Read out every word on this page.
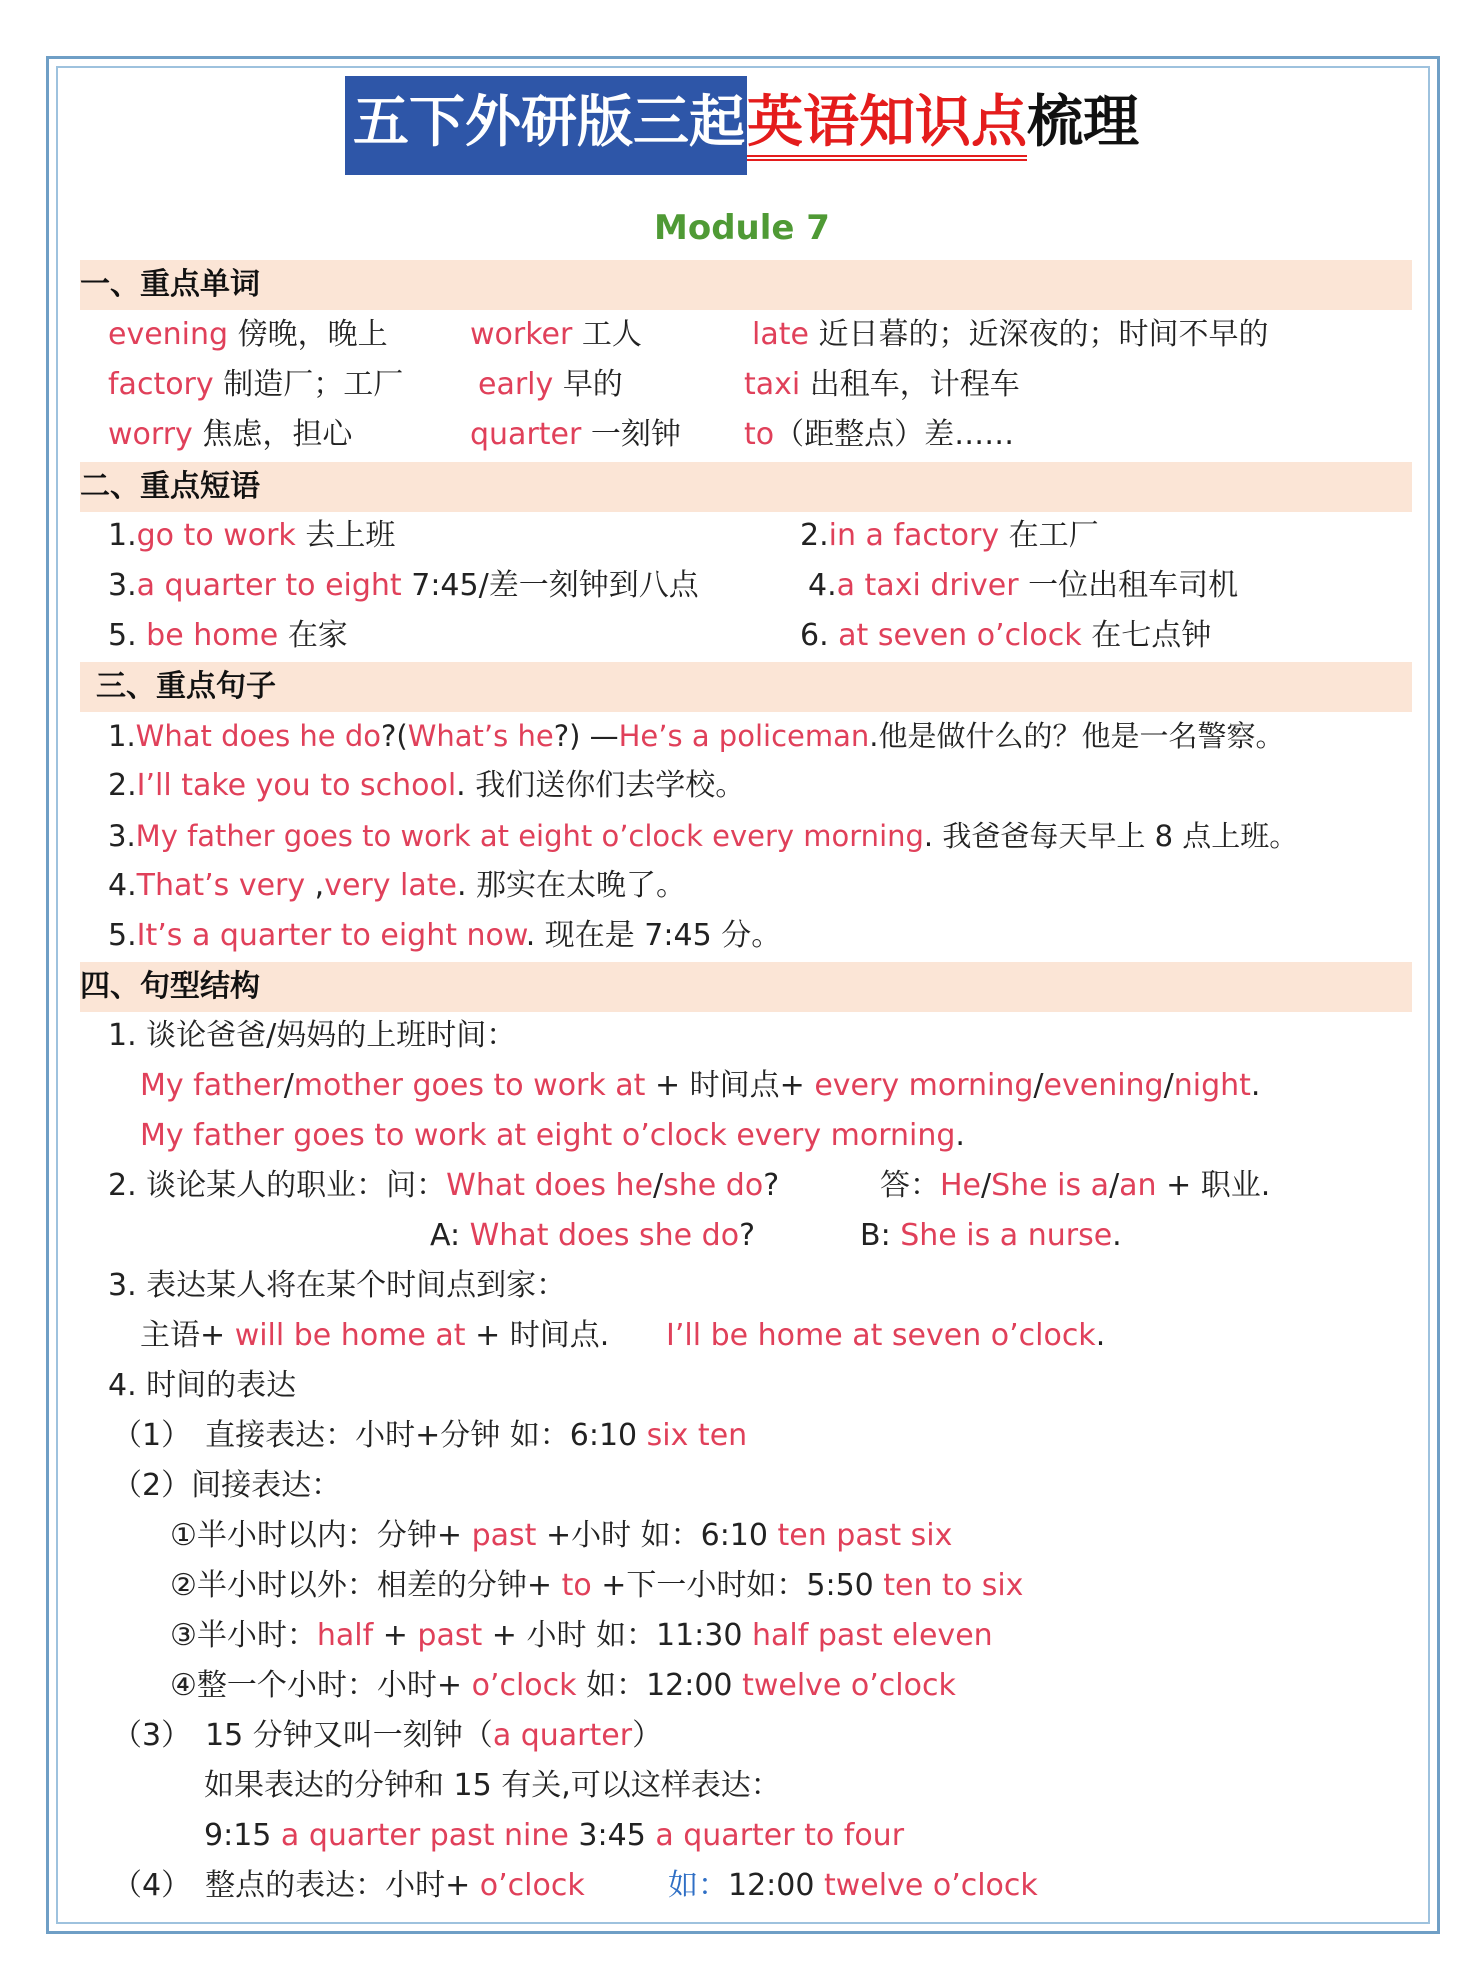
五下外研版三起英语知识点梳理
Module 7
一、重点单词
evening 傍晚，晚上	worker 工人	late 近日暮的；近深夜的；时间不早的
factory 制造厂；工厂 early 早的	taxi 出租车，计程车
worry 焦虑，担心	quarter 一刻钟 to（距整点）差……
二、重点短语
1.go to work 去上班	2.in a factory 在工厂
3.a quarter to eight 7:45/差一刻钟到八点	4.a taxi driver 一位出租车司机
5. be home 在家	6. at seven o’clock 在七点钟
三、重点句子
1.What does he do?(What’s he?) —He’s a policeman.他是做什么的？他是一名警察。
2.I’ll take you to school. 我们送你们去学校。
3.My father goes to work at eight o’clock every morning. 我爸爸每天早上 8 点上班。
4.That’s very ,very late. 那实在太晚了。
5.It’s a quarter to eight now. 现在是 7:45 分。
四、句型结构
1. 谈论爸爸/妈妈的上班时间：
My father/mother goes to work at + 时间点+ every morning/evening/night.
My father goes to work at eight o’clock every morning.
2. 谈论某人的职业：问：What does he/she do?	答：He/She is a/an + 职业.
A: What does she do?	B: She is a nurse.
3. 表达某人将在某个时间点到家：
主语+ will be home at + 时间点. I’ll be home at seven o’clock.
4. 时间的表达
（1） 直接表达：小时+分钟 如：6:10 six ten
（2）间接表达：
①半小时以内：分钟+ past +小时 如：6:10 ten past six
②半小时以外：相差的分钟+ to +下一小时如：5:50 ten to six
③半小时：half + past + 小时 如：11:30 half past eleven
④整一个小时：小时+ o’clock 如：12:00 twelve o’clock
（3） 15 分钟又叫一刻钟（a quarter）
如果表达的分钟和 15 有关,可以这样表达：
9:15 a quarter past nine 3:45 a quarter to four
（4） 整点的表达：小时+ o’clock	如：12:00 twelve o’clock
